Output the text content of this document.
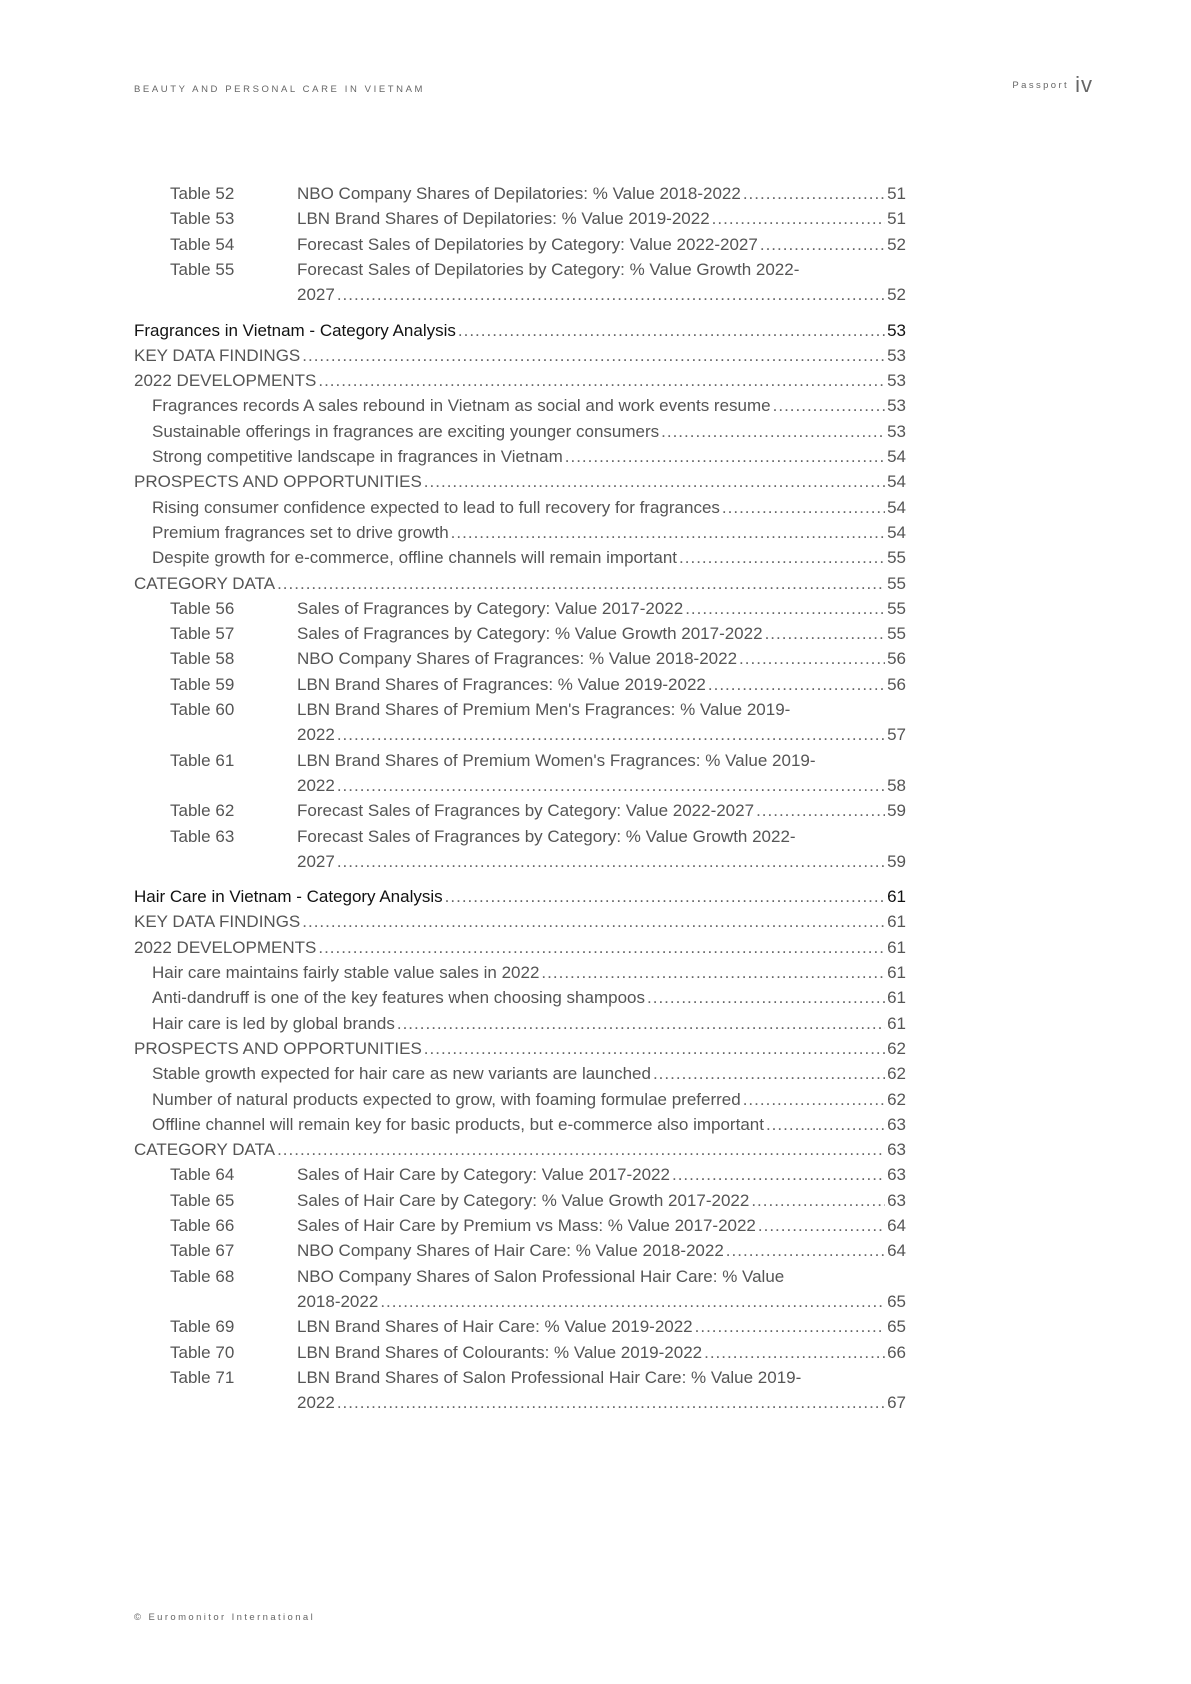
BEAUTY AND PERSONAL CARE IN VIETNAM	$^{Passport}$ iv
Table 52	NBO Company Shares of Depilatories: % Value 2018-2022 .....	51
Table 53	LBN Brand Shares of Depilatories: % Value 2019-2022 .....	51
Table 54	Forecast Sales of Depilatories by Category: Value 2022-2027 .....	52
Table 55	Forecast Sales of Depilatories by Category: % Value Growth 2022-
2027 .....	52
Fragrances in Vietnam - Category Analysis .....	53
KEY DATA FINDINGS .....	53
2022 DEVELOPMENTS .....	53
Fragrances records A sales rebound in Vietnam as social and work events resume .....	53
Sustainable offerings in fragrances are exciting younger consumers .....	53
Strong competitive landscape in fragrances in Vietnam .....	54
PROSPECTS AND OPPORTUNITIES .....	54
Rising consumer confidence expected to lead to full recovery for fragrances .....	54
Premium fragrances set to drive growth .....	54
Despite growth for e-commerce, offline channels will remain important .....	55
CATEGORY DATA .....	55
Table 56	Sales of Fragrances by Category: Value 2017-2022 .....	55
Table 57	Sales of Fragrances by Category: % Value Growth 2017-2022 .....	55
Table 58	NBO Company Shares of Fragrances: % Value 2018-2022 .....	56
Table 59	LBN Brand Shares of Fragrances: % Value 2019-2022 .....	56
Table 60	LBN Brand Shares of Premium Men's Fragrances: % Value 2019-
2022 .....	57
Table 61	LBN Brand Shares of Premium Women's Fragrances: % Value 2019-
2022 .....	58
Table 62	Forecast Sales of Fragrances by Category: Value 2022-2027 .....	59
Table 63	Forecast Sales of Fragrances by Category: % Value Growth 2022-
2027 .....	59
Hair Care in Vietnam - Category Analysis .....	61
KEY DATA FINDINGS .....	61
2022 DEVELOPMENTS .....	61
Hair care maintains fairly stable value sales in 2022 .....	61
Anti-dandruff is one of the key features when choosing shampoos .....	61
Hair care is led by global brands .....	61
PROSPECTS AND OPPORTUNITIES .....	62
Stable growth expected for hair care as new variants are launched .....	62
Number of natural products expected to grow, with foaming formulae preferred .....	62
Offline channel will remain key for basic products, but e-commerce also important .....	63
CATEGORY DATA .....	63
Table 64	Sales of Hair Care by Category: Value 2017-2022 .....	63
Table 65	Sales of Hair Care by Category: % Value Growth 2017-2022 .....	63
Table 66	Sales of Hair Care by Premium vs Mass: % Value 2017-2022 .....	64
Table 67	NBO Company Shares of Hair Care: % Value 2018-2022 .....	64
Table 68	NBO Company Shares of Salon Professional Hair Care: % Value
2018-2022 .....	65
Table 69	LBN Brand Shares of Hair Care: % Value 2019-2022 .....	65
Table 70	LBN Brand Shares of Colourants: % Value 2019-2022 .....	66
Table 71	LBN Brand Shares of Salon Professional Hair Care: % Value 2019-
2022 .....	67
© Euromonitor International
